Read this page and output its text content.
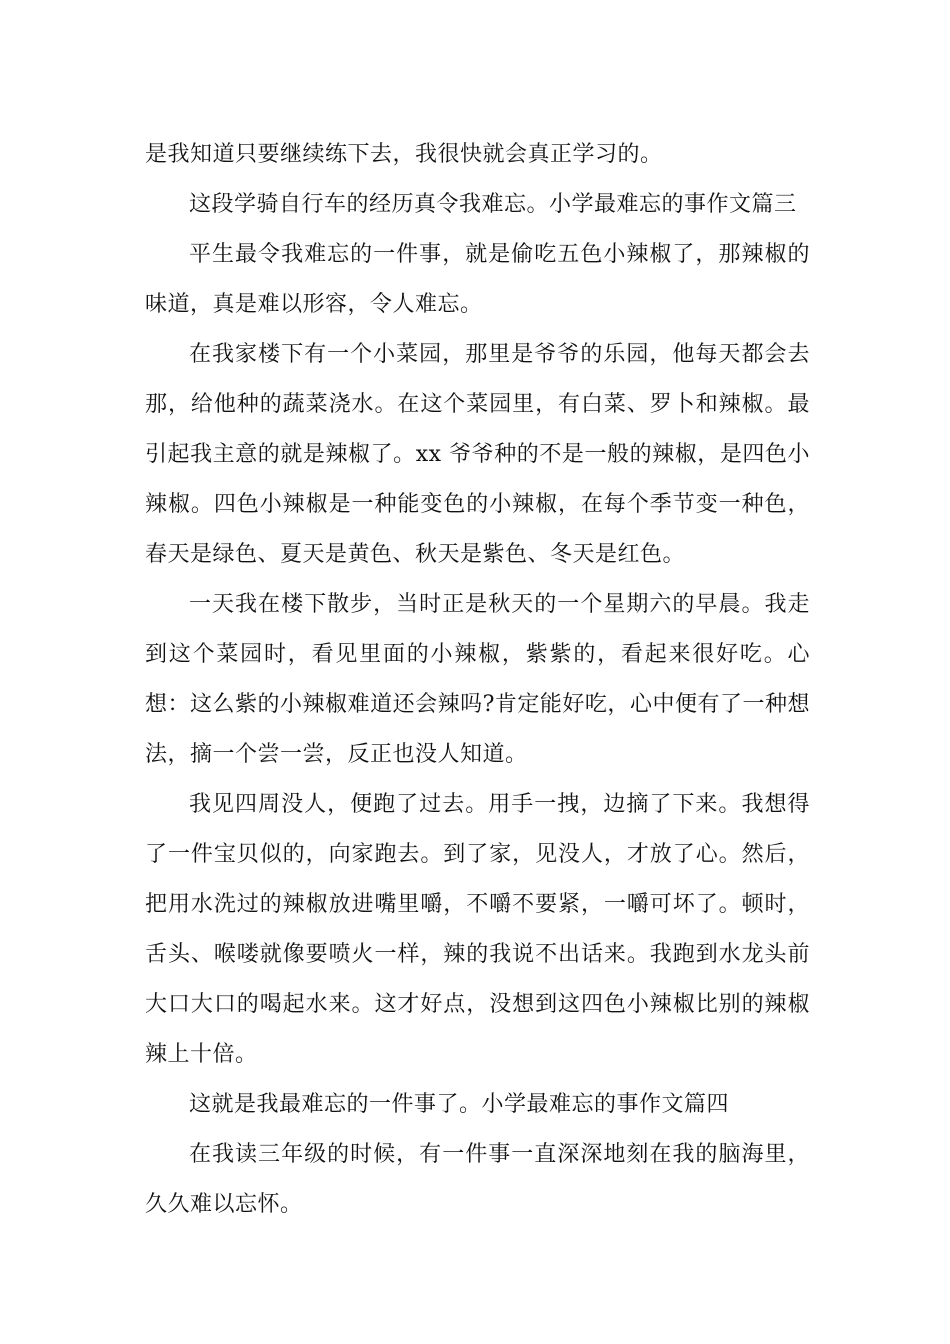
是我知道只要继续练下去，我很快就会真正学习的。

这段学骑自行车的经历真令我难忘。小学最难忘的事作文篇三

平生最令我难忘的一件事，就是偷吃五色小辣椒了，那辣椒的味道，真是难以形容，令人难忘。

在我家楼下有一个小菜园，那里是爷爷的乐园，他每天都会去那，给他种的蔬菜浇水。在这个菜园里，有白菜、罗卜和辣椒。最引起我主意的就是辣椒了。xx 爷爷种的不是一般的辣椒，是四色小辣椒。四色小辣椒是一种能变色的小辣椒，在每个季节变一种色，春天是绿色、夏天是黄色、秋天是紫色、冬天是红色。

一天我在楼下散步，当时正是秋天的一个星期六的早晨。我走到这个菜园时，看见里面的小辣椒，紫紫的，看起来很好吃。心想：这么紫的小辣椒难道还会辣吗?肯定能好吃，心中便有了一种想法，摘一个尝一尝，反正也没人知道。

我见四周没人，便跑了过去。用手一拽，边摘了下来。我想得了一件宝贝似的，向家跑去。到了家，见没人，才放了心。然后，把用水洗过的辣椒放进嘴里嚼，不嚼不要紧，一嚼可坏了。顿时，舌头、喉喽就像要喷火一样，辣的我说不出话来。我跑到水龙头前大口大口的喝起水来。这才好点，没想到这四色小辣椒比别的辣椒辣上十倍。

这就是我最难忘的一件事了。小学最难忘的事作文篇四

在我读三年级的时候，有一件事一直深深地刻在我的脑海里，久久难以忘怀。
